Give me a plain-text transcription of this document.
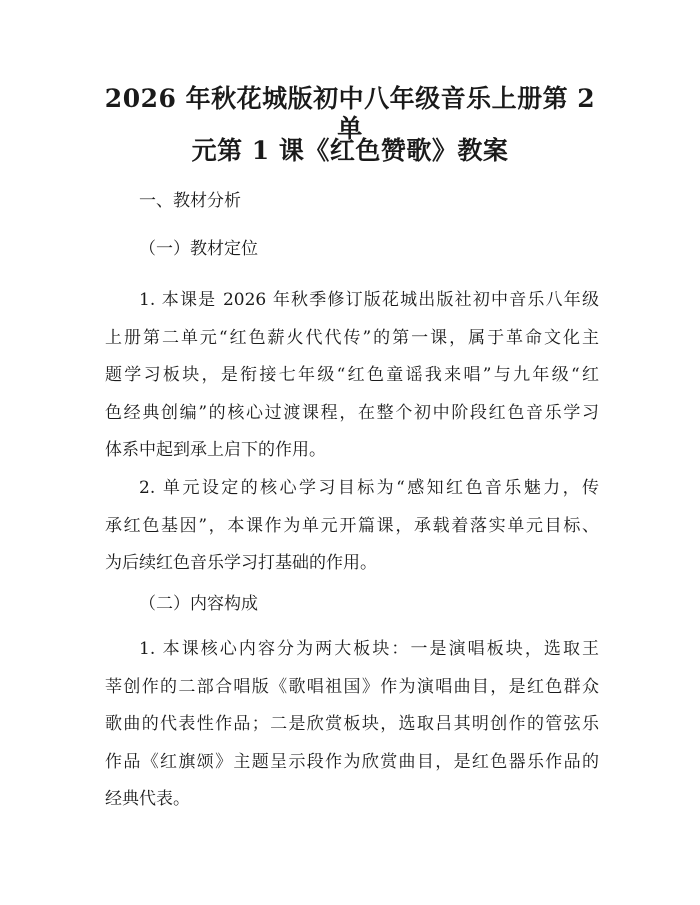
2026 年秋花城版初中八年级音乐上册第 2 单
元第 1 课《红色赞歌》教案

一、教材分析

（一）教材定位

1. 本课是 2026 年秋季修订版花城出版社初中音乐八年级
上册第二单元“红色薪火代代传”的第一课，属于革命文化主
题学习板块，是衔接七年级“红色童谣我来唱”与九年级“红
色经典创编”的核心过渡课程，在整个初中阶段红色音乐学习
体系中起到承上启下的作用。
2. 单元设定的核心学习目标为“感知红色音乐魅力，传
承红色基因”，本课作为单元开篇课，承载着落实单元目标、
为后续红色音乐学习打基础的作用。

（二）内容构成

1. 本课核心内容分为两大板块：一是演唱板块，选取王
莘创作的二部合唱版《歌唱祖国》作为演唱曲目，是红色群众
歌曲的代表性作品；二是欣赏板块，选取吕其明创作的管弦乐
作品《红旗颂》主题呈示段作为欣赏曲目，是红色器乐作品的
经典代表。
